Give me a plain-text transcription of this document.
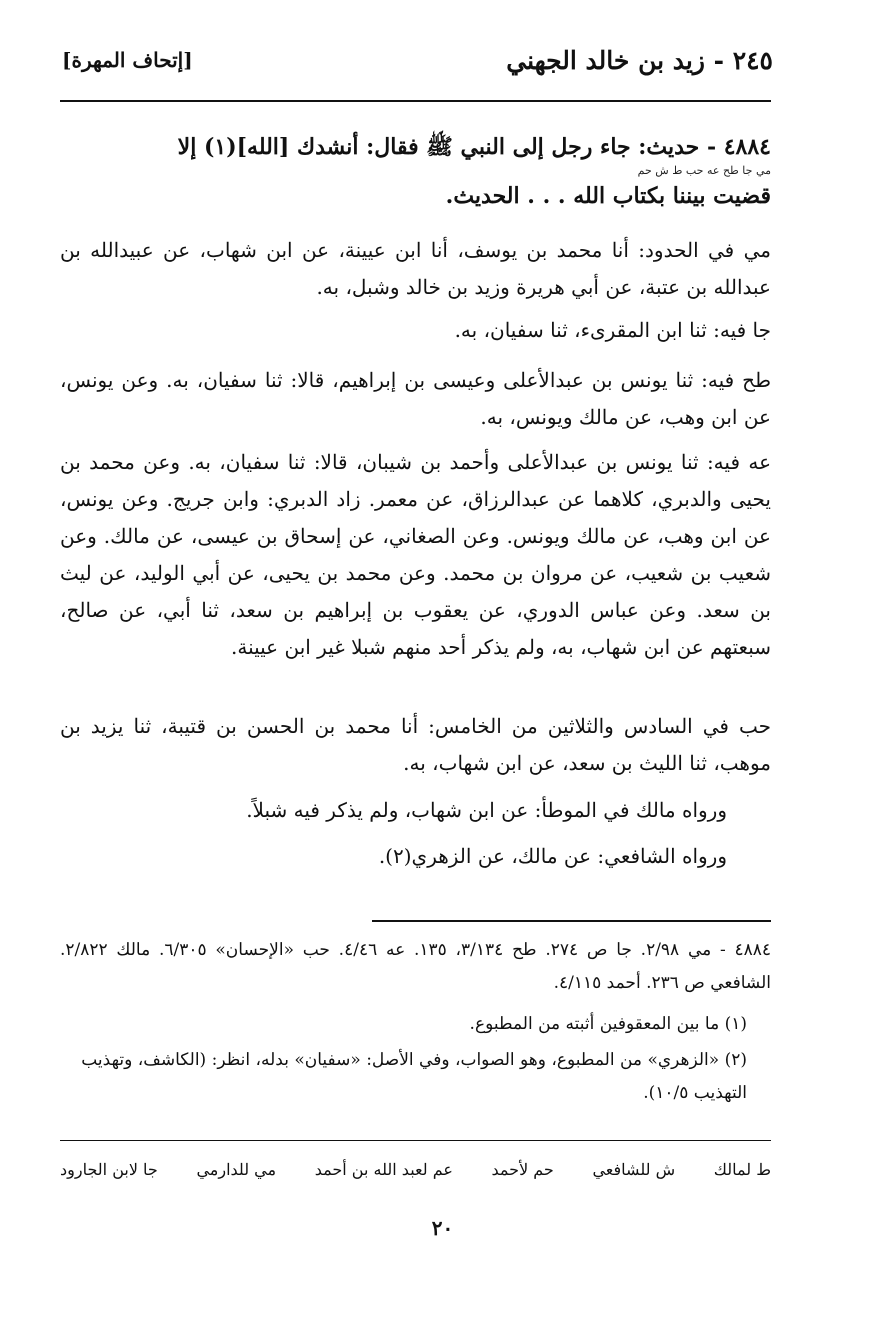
٢٤٥ - زيد بن خالد الجهني
[إتحاف المهرة]
٤٨٨٤ - حديث: جاء رجل إلى النبي ﷺ فقال: أنشدك [الله](١) إلا
مي جا طح عه حب ط ش حم
قضيت بيننا بكتاب الله . . . الحديث.
مي في الحدود: أنا محمد بن يوسف، أنا ابن عيينة، عن ابن شهاب، عن عبيدالله بن عبدالله بن عتبة، عن أبي هريرة وزيد بن خالد وشبل، به.
جا فيه: ثنا ابن المقرىء، ثنا سفيان، به.
طح فيه: ثنا يونس بن عبدالأعلى وعيسى بن إبراهيم، قالا: ثنا سفيان، به. وعن يونس، عن ابن وهب، عن مالك ويونس، به.
عه فيه: ثنا يونس بن عبدالأعلى وأحمد بن شيبان، قالا: ثنا سفيان، به. وعن محمد بن يحيى والدبري، كلاهما عن عبدالرزاق، عن معمر. زاد الدبري: وابن جريج. وعن يونس، عن ابن وهب، عن مالك ويونس. وعن الصغاني، عن إسحاق بن عيسى، عن مالك. وعن شعيب بن شعيب، عن مروان بن محمد. وعن محمد بن يحيى، عن أبي الوليد، عن ليث بن سعد. وعن عباس الدوري، عن يعقوب بن إبراهيم بن سعد، ثنا أبي، عن صالح، سبعتهم عن ابن شهاب، به، ولم يذكر أحد منهم شبلا غير ابن عيينة.
حب في السادس والثلاثين من الخامس: أنا محمد بن الحسن بن قتيبة، ثنا يزيد بن موهب، ثنا الليث بن سعد، عن ابن شهاب، به.
ورواه مالك في الموطأ: عن ابن شهاب، ولم يذكر فيه شبلاً.
ورواه الشافعي: عن مالك، عن الزهري(٢).
٤٨٨٤ - مي ٢/٩٨. جا ص ٢٧٤. طح ٣/١٣٤، ١٣٥. عه ٤/٤٦. حب «الإحسان» ٦/٣٠٥. مالك ٢/٨٢٢. الشافعي ص ٢٣٦. أحمد ٤/١١٥.
(١) ما بين المعقوفين أثبته من المطبوع.
(٢) «الزهري» من المطبوع، وهو الصواب، وفي الأصل: «سفيان» بدله، انظر: (الكاشف، وتهذيب التهذيب ١٠/٥).
ط لمالك
ش للشافعي
حم لأحمد
عم لعبد الله بن أحمد
مي للدارمي
جا لابن الجارود
٢٠
